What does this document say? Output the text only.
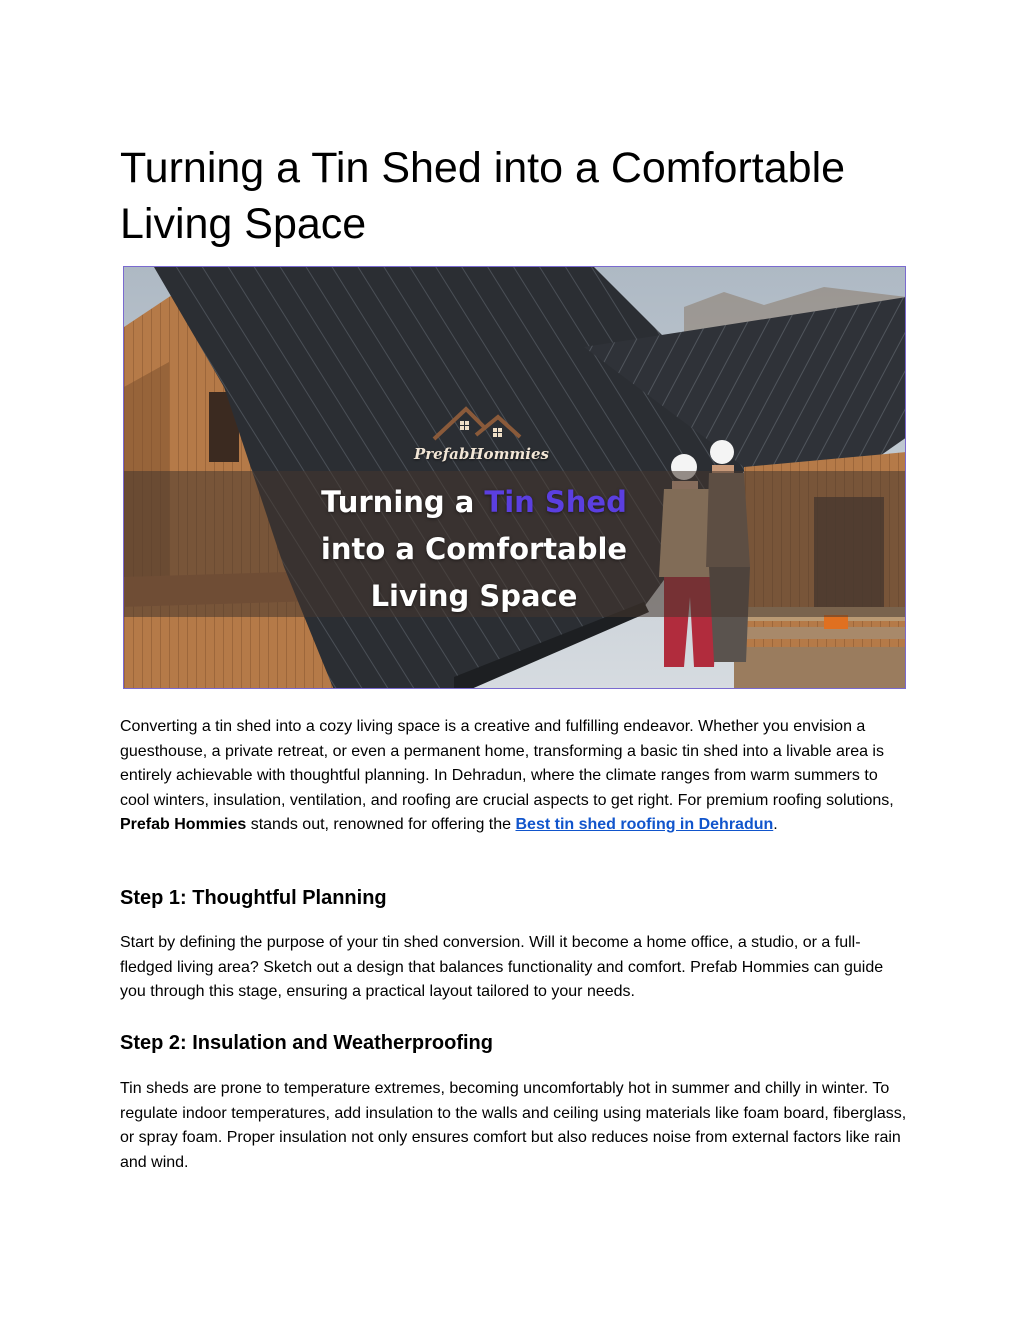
Turning a Tin Shed into a Comfortable Living Space
PrefabHommies
Turning a Tin Shed
into a Comfortable
Living Space

Converting a tin shed into a cozy living space is a creative and fulfilling endeavor. Whether you envision a guesthouse, a private retreat, or even a permanent home, transforming a basic tin shed into a livable area is entirely achievable with thoughtful planning. In Dehradun, where the climate ranges from warm summers to cool winters, insulation, ventilation, and roofing are crucial aspects to get right. For premium roofing solutions, Prefab Hommies stands out, renowned for offering the Best tin shed roofing in Dehradun.

Step 1: Thoughtful Planning

Start by defining the purpose of your tin shed conversion. Will it become a home office, a studio, or a full-fledged living area? Sketch out a design that balances functionality and comfort. Prefab Hommies can guide you through this stage, ensuring a practical layout tailored to your needs.

Step 2: Insulation and Weatherproofing

Tin sheds are prone to temperature extremes, becoming uncomfortably hot in summer and chilly in winter. To regulate indoor temperatures, add insulation to the walls and ceiling using materials like foam board, fiberglass, or spray foam. Proper insulation not only ensures comfort but also reduces noise from external factors like rain and wind.
